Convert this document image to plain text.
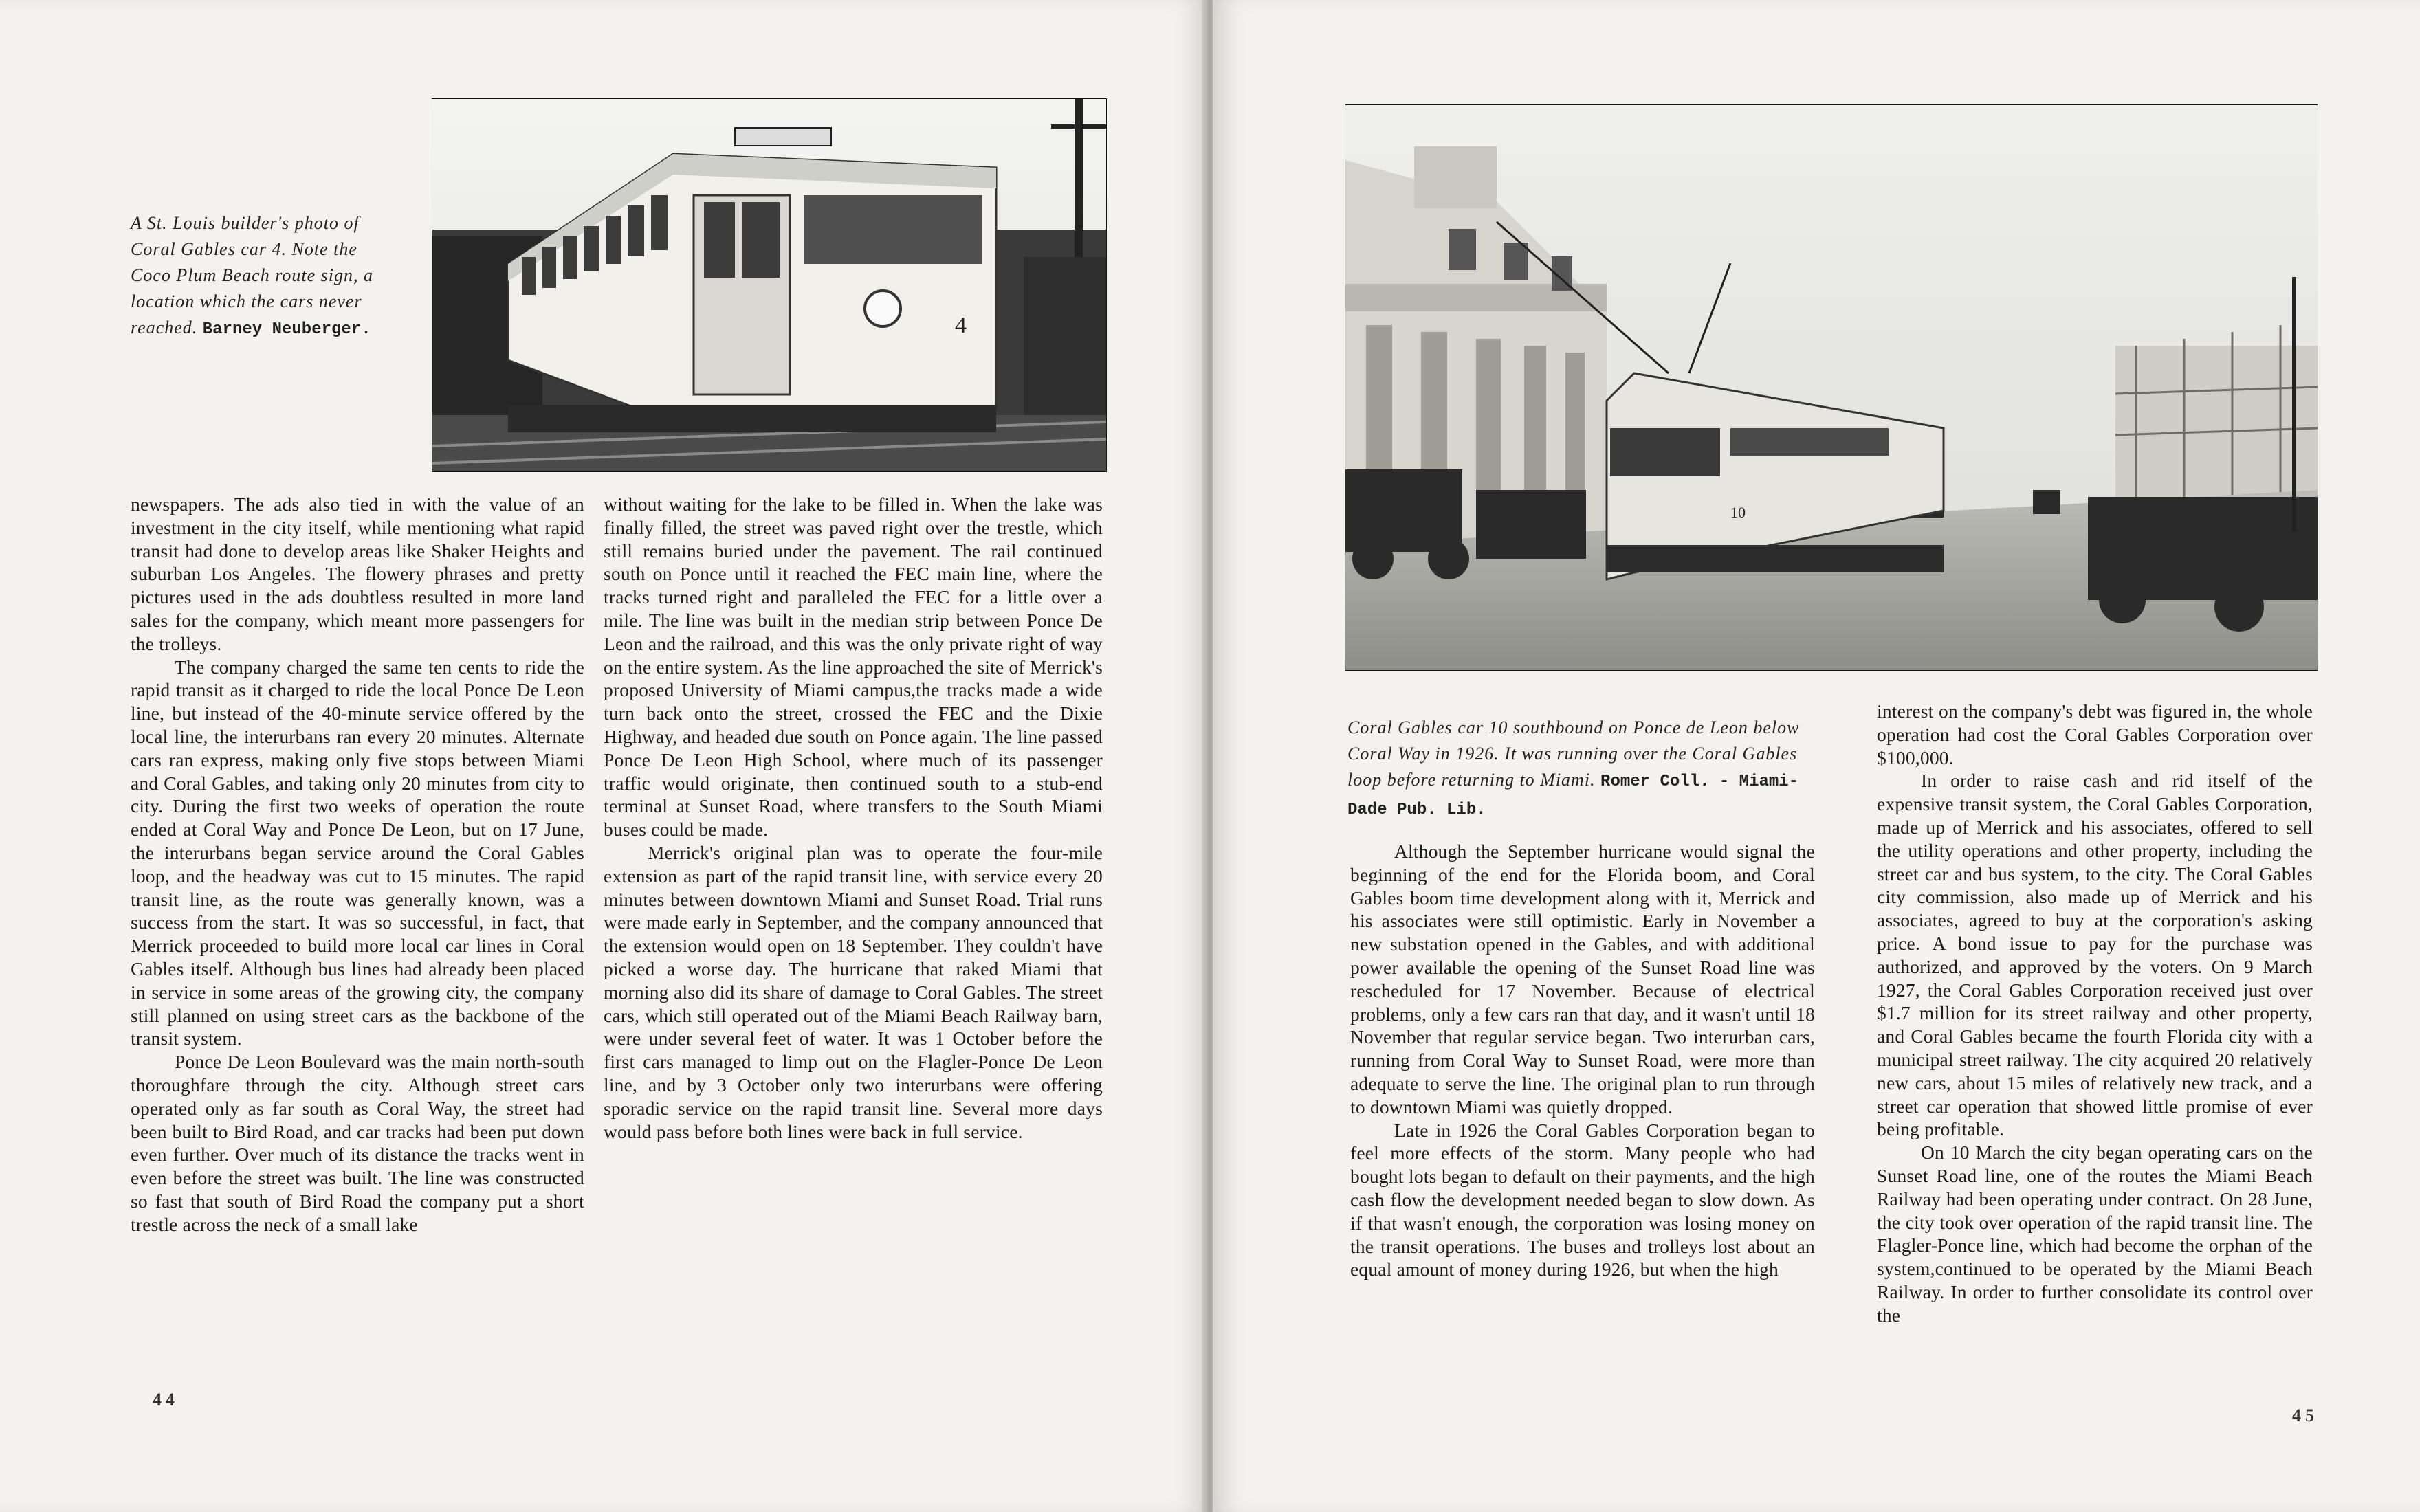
A St. Louis builder's photo of Coral Gables car 4. Note the Coco Plum Beach route sign, a location which the cars never reached. Barney Neuberger.	4

newspapers. The ads also tied in with the value of an investment in the city itself, while mentioning what rapid transit had done to develop areas like Shaker Heights and suburban Los Angeles. The flowery phrases and pretty pictures used in the ads doubtless resulted in more land sales for the company, which meant more passengers for the trolleys.

The company charged the same ten cents to ride the rapid transit as it charged to ride the local Ponce De Leon line, but instead of the 40-minute service offered by the local line, the interurbans ran every 20 minutes. Alternate cars ran express, making only five stops between Miami and Coral Gables, and taking only 20 minutes from city to city. During the first two weeks of operation the route ended at Coral Way and Ponce De Leon, but on 17 June, the interurbans began service around the Coral Gables loop, and the headway was cut to 15 minutes. The rapid transit line, as the route was generally known, was a success from the start. It was so successful, in fact, that Merrick proceeded to build more local car lines in Coral Gables itself. Although bus lines had already been placed in service in some areas of the growing city, the company still planned on using street cars as the backbone of the transit system.

Ponce De Leon Boulevard was the main north-south thoroughfare through the city. Although street cars operated only as far south as Coral Way, the street had been built to Bird Road, and car tracks had been put down even further. Over much of its distance the tracks went in even before the street was built. The line was constructed so fast that south of Bird Road the company put a short trestle across the neck of a small lake

without waiting for the lake to be filled in. When the lake was finally filled, the street was paved right over the trestle, which still remains buried under the pavement. The rail continued south on Ponce until it reached the FEC main line, where the tracks turned right and paralleled the FEC for a little over a mile. The line was built in the median strip between Ponce De Leon and the railroad, and this was the only private right of way on the entire system. As the line approached the site of Merrick's proposed University of Miami campus,the tracks made a wide turn back onto the street, crossed the FEC and the Dixie Highway, and headed due south on Ponce again. The line passed Ponce De Leon High School, where much of its passenger traffic would originate, then continued south to a stub-end terminal at Sunset Road, where transfers to the South Miami buses could be made.

Merrick's original plan was to operate the four-mile extension as part of the rapid transit line, with service every 20 minutes between downtown Miami and Sunset Road. Trial runs were made early in September, and the company announced that the extension would open on 18 September. They couldn't have picked a worse day. The hurricane that raked Miami that morning also did its share of damage to Coral Gables. The street cars, which still operated out of the Miami Beach Railway barn, were under several feet of water. It was 1 October before the first cars managed to limp out on the Flagler-Ponce De Leon line, and by 3 October only two interurbans were offering sporadic service on the rapid transit line. Several more days would pass before both lines were back in full service.

44
10
Coral Gables car 10 southbound on Ponce de Leon below Coral Way in 1926. It was running over the Coral Gables loop before returning to Miami. Romer Coll. - Miami-Dade Pub. Lib.

Although the September hurricane would signal the beginning of the end for the Florida boom, and Coral Gables boom time development along with it, Merrick and his associates were still optimistic. Early in November a new substation opened in the Gables, and with additional power available the opening of the Sunset Road line was rescheduled for 17 November. Because of electrical problems, only a few cars ran that day, and it wasn't until 18 November that regular service began. Two interurban cars, running from Coral Way to Sunset Road, were more than adequate to serve the line. The original plan to run through to downtown Miami was quietly dropped.

Late in 1926 the Coral Gables Corporation began to feel more effects of the storm. Many people who had bought lots began to default on their payments, and the high cash flow the development needed began to slow down. As if that wasn't enough, the corporation was losing money on the transit operations. The buses and trolleys lost about an equal amount of money during 1926, but when the high

interest on the company's debt was figured in, the whole operation had cost the Coral Gables Corporation over $100,000.

In order to raise cash and rid itself of the expensive transit system, the Coral Gables Corporation, made up of Merrick and his associates, offered to sell the utility operations and other property, including the street car and bus system, to the city. The Coral Gables city commission, also made up of Merrick and his associates, agreed to buy at the corporation's asking price. A bond issue to pay for the purchase was authorized, and approved by the voters. On 9 March 1927, the Coral Gables Corporation received just over $1.7 million for its street railway and other property, and Coral Gables became the fourth Florida city with a municipal street railway. The city acquired 20 relatively new cars, about 15 miles of relatively new track, and a street car operation that showed little promise of ever being profitable.

On 10 March the city began operating cars on the Sunset Road line, one of the routes the Miami Beach Railway had been operating under contract. On 28 June, the city took over operation of the rapid transit line. The Flagler-Ponce line, which had become the orphan of the system,continued to be operated by the Miami Beach Railway. In order to further consolidate its control over the

45
